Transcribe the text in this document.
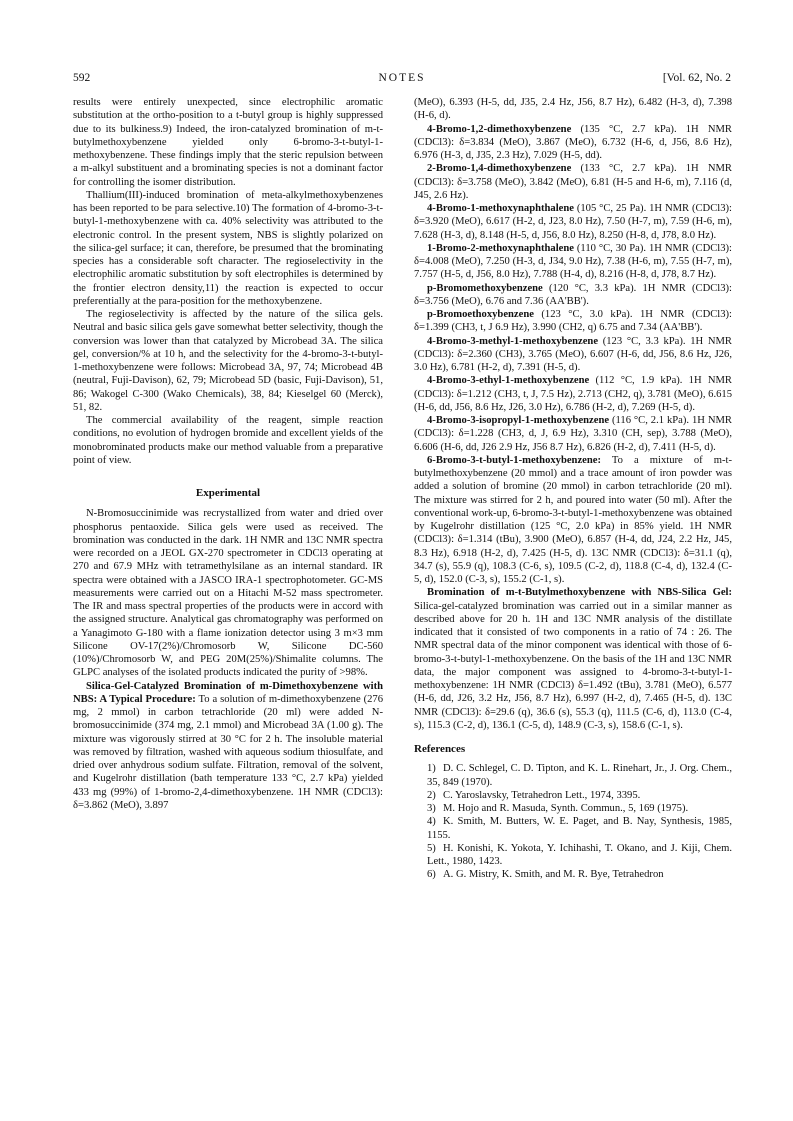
592	NOTES	[Vol. 62, No. 2

results were entirely unexpected, since electrophilic aromatic substitution at the ortho-position to a t-butyl group is highly suppressed due to its bulkiness.9) Indeed, the iron-catalyzed bromination of m-t-butylmethoxybenzene yielded only 6-bromo-3-t-butyl-1-methoxybenzene. These findings imply that the steric repulsion between a m-alkyl substituent and a brominating species is not a dominant factor for controlling the isomer distribution.

Thallium(III)-induced bromination of meta-alkylmethoxybenzenes has been reported to be para selective.10) The formation of 4-bromo-3-t-butyl-1-methoxybenzene with ca. 40% selectivity was attributed to the electronic control. In the present system, NBS is slightly polarized on the silica-gel surface; it can, therefore, be presumed that the brominating species has a considerable soft character. The regioselectivity in the electrophilic aromatic substitution by soft electrophiles is determined by the frontier electron density,11) the reaction is expected to occur preferentially at the para-position for the methoxybenzene.

The regioselectivity is affected by the nature of the silica gels. Neutral and basic silica gels gave somewhat better selectivity, though the conversion was lower than that catalyzed by Microbead 3A. The silica gel, conversion/% at 10 h, and the selectivity for the 4-bromo-3-t-butyl-1-methoxybenzene were follows: Microbead 3A, 97, 74; Microbead 4B (neutral, Fuji-Davison), 62, 79; Microbead 5D (basic, Fuji-Davison), 51, 86; Wakogel C-300 (Wako Chemicals), 38, 84; Kieselgel 60 (Merck), 51, 82.

The commercial availability of the reagent, simple reaction conditions, no evolution of hydrogen bromide and excellent yields of the monobrominated products make our method valuable from a preparative point of view.

Experimental

N-Bromosuccinimide was recrystallized from water and dried over phosphorus pentaoxide. Silica gels were used as received. The bromination was conducted in the dark. 1H NMR and 13C NMR spectra were recorded on a JEOL GX-270 spectrometer in CDCl3 operating at 270 and 67.9 MHz with tetramethylsilane as an internal standard. IR spectra were obtained with a JASCO IRA-1 spectrophotometer. GC-MS measurements were carried out on a Hitachi M-52 mass spectrometer. The IR and mass spectral properties of the products were in accord with the assigned structure. Analytical gas chromatography was performed on a Yanagimoto G-180 with a flame ionization detector using 3 m×3 mm Silicone OV-17(2%)/Chromosorb W, Silicone DC-560 (10%)/Chromosorb W, and PEG 20M(25%)/Shimalite columns. The GLPC analyses of the isolated products indicated the purity of >98%.

Silica-Gel-Catalyzed Bromination of m-Dimethoxybenzene with NBS: A Typical Procedure: To a solution of m-dimethoxybenzene (276 mg, 2 mmol) in carbon tetrachloride (20 ml) were added N-bromosuccinimide (374 mg, 2.1 mmol) and Microbead 3A (1.00 g). The mixture was vigorously stirred at 30 °C for 2 h. The insoluble material was removed by filtration, washed with aqueous sodium thiosulfate, and dried over anhydrous sodium sulfate. Filtration, removal of the solvent, and Kugelrohr distillation (bath temperature 133 °C, 2.7 kPa) yielded 433 mg (99%) of 1-bromo-2,4-dimethoxybenzene. 1H NMR (CDCl3): δ=3.862 (MeO), 3.897

(MeO), 6.393 (H-5, dd, J35, 2.4 Hz, J56, 8.7 Hz), 6.482 (H-3, d), 7.398 (H-6, d).

4-Bromo-1,2-dimethoxybenzene (135 °C, 2.7 kPa). 1H NMR (CDCl3): δ=3.834 (MeO), 3.867 (MeO), 6.732 (H-6, d, J56, 8.6 Hz), 6.976 (H-3, d, J35, 2.3 Hz), 7.029 (H-5, dd).

2-Bromo-1,4-dimethoxybenzene (133 °C, 2.7 kPa). 1H NMR (CDCl3): δ=3.758 (MeO), 3.842 (MeO), 6.81 (H-5 and H-6, m), 7.116 (d, J45, 2.6 Hz).

4-Bromo-1-methoxynaphthalene (105 °C, 25 Pa). 1H NMR (CDCl3): δ=3.920 (MeO), 6.617 (H-2, d, J23, 8.0 Hz), 7.50 (H-7, m), 7.59 (H-6, m), 7.628 (H-3, d), 8.148 (H-5, d, J56, 8.0 Hz), 8.250 (H-8, d, J78, 8.0 Hz).

1-Bromo-2-methoxynaphthalene (110 °C, 30 Pa). 1H NMR (CDCl3): δ=4.008 (MeO), 7.250 (H-3, d, J34, 9.0 Hz), 7.38 (H-6, m), 7.55 (H-7, m), 7.757 (H-5, d, J56, 8.0 Hz), 7.788 (H-4, d), 8.216 (H-8, d, J78, 8.7 Hz).

p-Bromomethoxybenzene (120 °C, 3.3 kPa). 1H NMR (CDCl3): δ=3.756 (MeO), 6.76 and 7.36 (AA'BB').

p-Bromoethoxybenzene (123 °C, 3.0 kPa). 1H NMR (CDCl3): δ=1.399 (CH3, t, J 6.9 Hz), 3.990 (CH2, q) 6.75 and 7.34 (AA'BB').

4-Bromo-3-methyl-1-methoxybenzene (123 °C, 3.3 kPa). 1H NMR (CDCl3): δ=2.360 (CH3), 3.765 (MeO), 6.607 (H-6, dd, J56, 8.6 Hz, J26, 3.0 Hz), 6.781 (H-2, d), 7.391 (H-5, d).

4-Bromo-3-ethyl-1-methoxybenzene (112 °C, 1.9 kPa). 1H NMR (CDCl3): δ=1.212 (CH3, t, J, 7.5 Hz), 2.713 (CH2, q), 3.781 (MeO), 6.615 (H-6, dd, J56, 8.6 Hz, J26, 3.0 Hz), 6.786 (H-2, d), 7.269 (H-5, d).

4-Bromo-3-isopropyl-1-methoxybenzene (116 °C, 2.1 kPa). 1H NMR (CDCl3): δ=1.228 (CH3, d, J, 6.9 Hz), 3.310 (CH, sep), 3.788 (MeO), 6.606 (H-6, dd, J26 2.9 Hz, J56 8.7 Hz), 6.826 (H-2, d), 7.411 (H-5, d).

6-Bromo-3-t-butyl-1-methoxybenzene: To a mixture of m-t-butylmethoxybenzene (20 mmol) and a trace amount of iron powder was added a solution of bromine (20 mmol) in carbon tetrachloride (20 ml). The mixture was stirred for 2 h, and poured into water (50 ml). After the conventional work-up, 6-bromo-3-t-butyl-1-methoxybenzene was obtained by Kugelrohr distillation (125 °C, 2.0 kPa) in 85% yield. 1H NMR (CDCl3): δ=1.314 (tBu), 3.900 (MeO), 6.857 (H-4, dd, J24, 2.2 Hz, J45, 8.3 Hz), 6.918 (H-2, d), 7.425 (H-5, d). 13C NMR (CDCl3): δ=31.1 (q), 34.7 (s), 55.9 (q), 108.3 (C-6, s), 109.5 (C-2, d), 118.8 (C-4, d), 132.4 (C-5, d), 152.0 (C-3, s), 155.2 (C-1, s).

Bromination of m-t-Butylmethoxybenzene with NBS-Silica Gel: Silica-gel-catalyzed bromination was carried out in a similar manner as described above for 20 h. 1H and 13C NMR analysis of the distillate indicated that it consisted of two components in a ratio of 74 : 26. The NMR spectral data of the minor component was identical with those of 6-bromo-3-t-butyl-1-methoxybenzene. On the basis of the 1H and 13C NMR data, the major component was assigned to 4-bromo-3-t-butyl-1-methoxybenzene: 1H NMR (CDCl3) δ=1.492 (tBu), 3.781 (MeO), 6.577 (H-6, dd, J26, 3.2 Hz, J56, 8.7 Hz), 6.997 (H-2, d), 7.465 (H-5, d). 13C NMR (CDCl3): δ=29.6 (q), 36.6 (s), 55.3 (q), 111.5 (C-6, d), 113.0 (C-4, s), 115.3 (C-2, d), 136.1 (C-5, d), 148.9 (C-3, s), 158.6 (C-1, s).

References
1) D. C. Schlegel, C. D. Tipton, and K. L. Rinehart, Jr., J. Org. Chem., 35, 849 (1970).
2) C. Yaroslavsky, Tetrahedron Lett., 1974, 3395.
3) M. Hojo and R. Masuda, Synth. Commun., 5, 169 (1975).
4) K. Smith, M. Butters, W. E. Paget, and B. Nay, Synthesis, 1985, 1155.
5) H. Konishi, K. Yokota, Y. Ichihashi, T. Okano, and J. Kiji, Chem. Lett., 1980, 1423.
6) A. G. Mistry, K. Smith, and M. R. Bye, Tetrahedron
